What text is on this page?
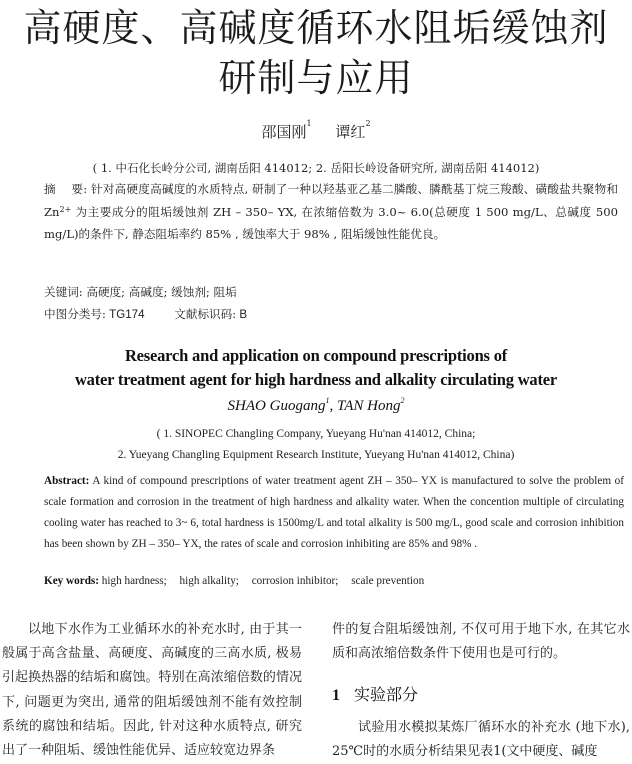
高硬度、高碱度循环水阻垢缓蚀剂
研制与应用
邵国刚$^1$ 谭红$^2$
( 1. 中石化长岭分公司, 湖南岳阳 414012; 2. 岳阳长岭设备研究所, 湖南岳阳 414012)
摘    要: 针对高硬度高碱度的水质特点, 研制了一种以羟基亚乙基二膦酸、膦酰基丁烷三羧酸、磺酸盐共聚物和 $Zn^{2+}$ 为主要成分的阻垢缓蚀剂 ZH – 350– YX, 在浓缩倍数为 3.0~ 6.0(总硬度 1 500 mg/L、总碱度 500 mg/L)的条件下, 静态阻垢率约 85% , 缓蚀率大于 98% , 阻垢缓蚀性能优良。
关键词: 高硬度; 高碱度; 缓蚀剂; 阻垢
中图分类号: TG174	文献标识码: B
Research and application on compound prescriptions of
water treatment agent for high hardness and alkality circulating water
SHAO Guogang$^1$, TAN Hong$^2$
( 1. SINOPEC Changling Company, Yueyang Hu'nan 414012, China;
2. Yueyang Changling Equipment Research Institute, Yueyang Hu'nan 414012, China)
Abstract: A kind of compound prescriptions of water treatment agent ZH – 350– YX is manufactured to solve the problem of scale formation and corrosion in the treatment of high hardness and alkality water. When the concention multiple of circulating cooling water has reached to 3~ 6, total hardness is 1500mg/L and total alkality is 500 mg/L, good scale and corrosion inhibition has been shown by ZH – 350– YX, the rates of scale and corrosion inhibiting are 85% and 98% .
Key words: high hardness; high alkality; corrosion inhibitor; scale prevention
以地下水作为工业循环水的补充水时, 由于其一般属于高含盐量、高硬度、高碱度的三高水质, 极易引起换热器的结垢和腐蚀。特别在高浓缩倍数的情况下, 问题更为突出, 通常的阻垢缓蚀剂不能有效控制系统的腐蚀和结垢。因此, 针对这种水质特点, 研究出了一种阻垢、缓蚀性能优异、适应较宽边界条
件的复合阻垢缓蚀剂, 不仅可用于地下水, 在其它水质和高浓缩倍数条件下使用也是可行的。
1 实验部分
试验用水模拟某炼厂循环水的补充水 (地下水), 25℃时的水质分析结果见表1(文中硬度、碱度
